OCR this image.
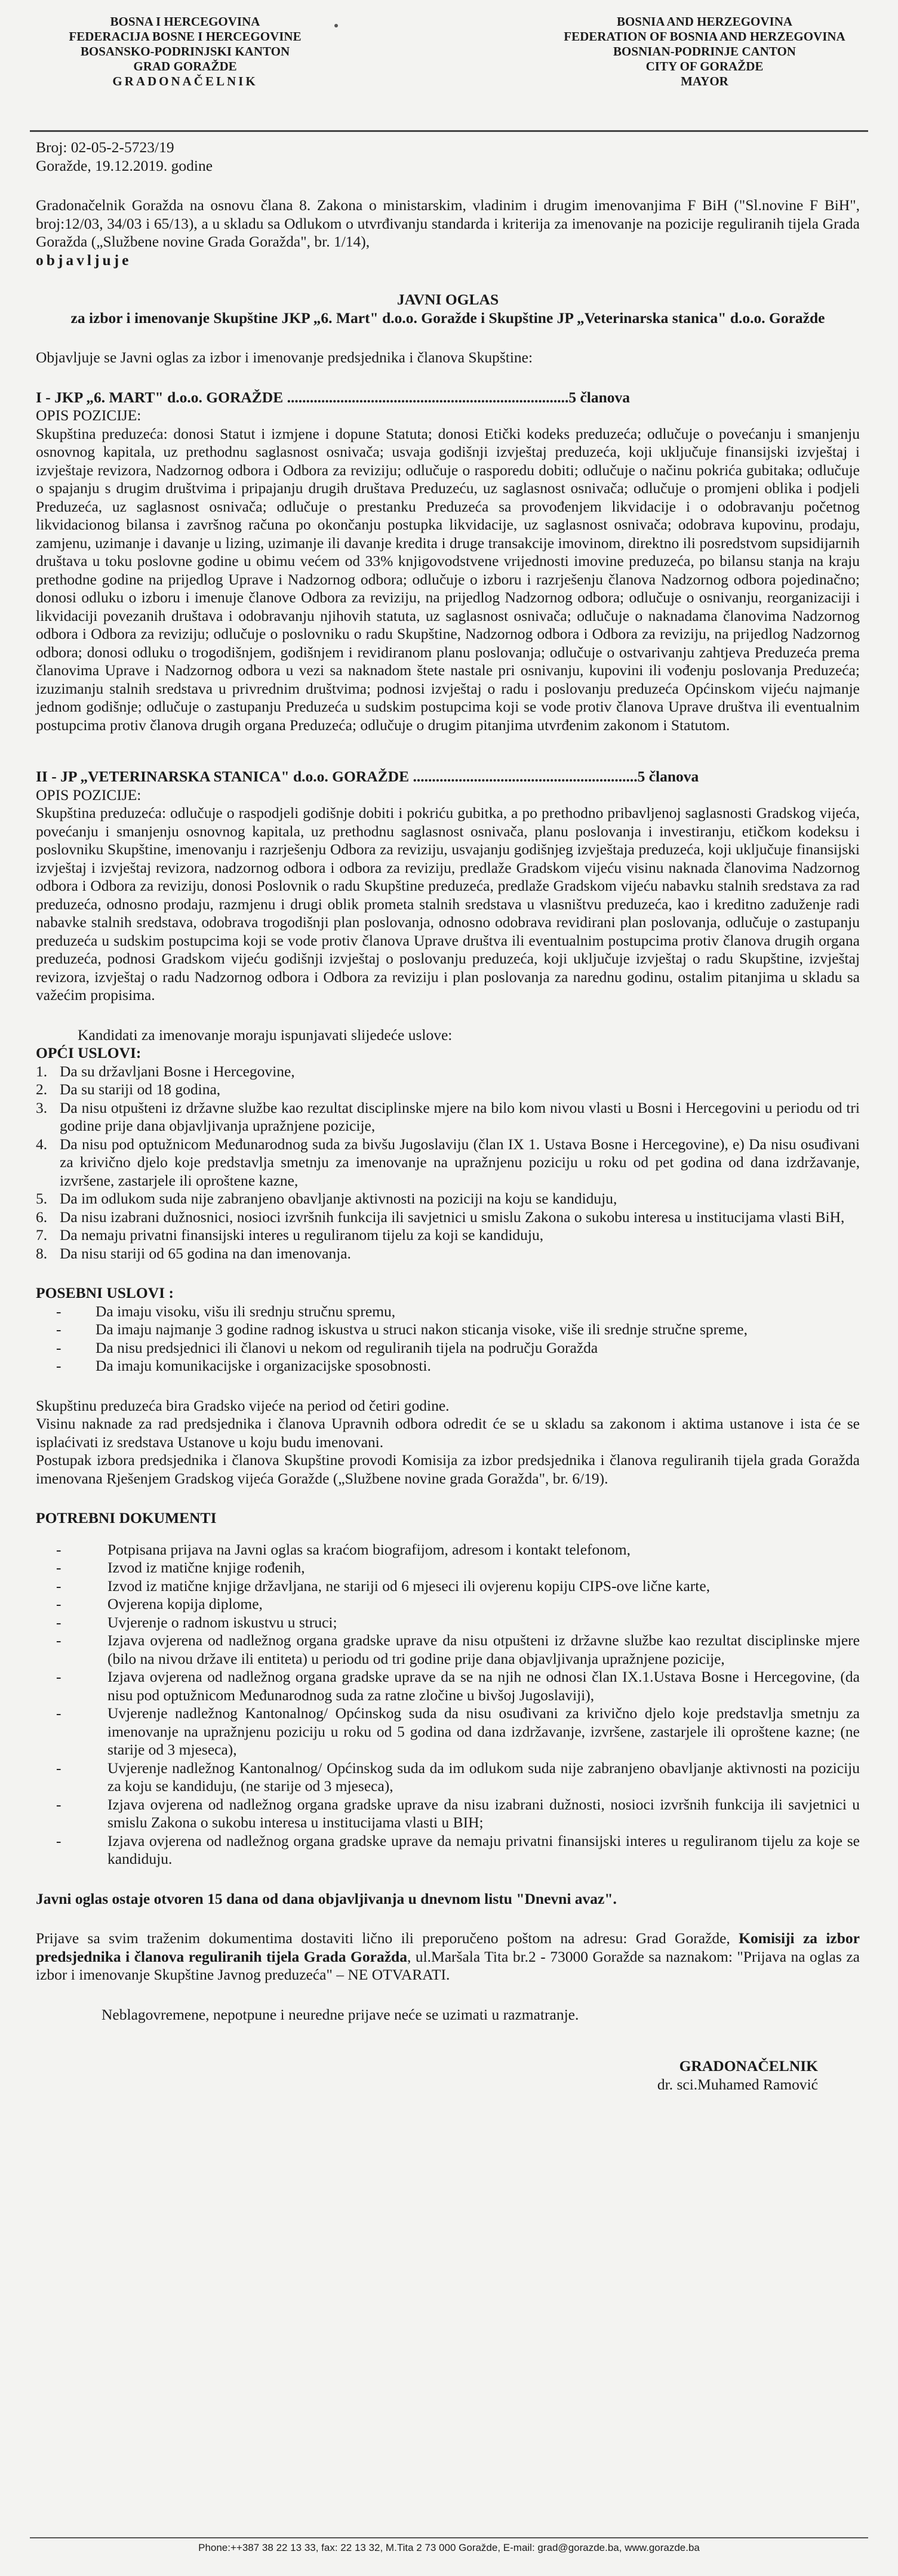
BOSNA I HERCEGOVINA
FEDERACIJA BOSNE I HERCEGOVINE
BOSANSKO-PODRINJSKI KANTON
GRAD GORAŽDE
GRADONAČELNIK
BOSNIA AND HERZEGOVINA
FEDERATION OF BOSNIA AND HERZEGOVINA
BOSNIAN-PODRINJE CANTON
CITY OF GORAŽDE
MAYOR

Broj: 02-05-2-5723/19

Goražde, 19.12.2019. godine

Gradonačelnik Goražda na osnovu člana 8. Zakona o ministarskim, vladinim i drugim imenovanjima F BiH ("Sl.novine F BiH", broj:12/03, 34/03 i 65/13), a u skladu sa Odlukom o utvrđivanju standarda i kriterija za imenovanje na pozicije reguliranih tijela Grada Goražda („Službene novine Grada Goražda", br. 1/14),
objavljuje

JAVNI OGLAS

za izbor i imenovanje Skupštine JKP „6. Mart" d.o.o. Goražde i Skupštine JP „Veterinarska stanica" d.o.o. Goražde

Objavljuje se Javni oglas za izbor i imenovanje predsjednika i članova Skupštine:

I - JKP „6. MART" d.o.o. GORAŽDE .......................................................................... 5 članova

OPIS POZICIJE:

Skupština preduzeća: donosi Statut i izmjene i dopune Statuta; donosi Etički kodeks preduzeća; odlučuje o povećanju i smanjenju osnovnog kapitala, uz prethodnu saglasnost osnivača; usvaja godišnji izvještaj preduzeća, koji uključuje finansijski izvještaj i izvještaje revizora, Nadzornog odbora i Odbora za reviziju; odlučuje o rasporedu dobiti; odlučuje o načinu pokrića gubitaka; odlučuje o spajanju s drugim društvima i pripajanju drugih društava Preduzeću, uz saglasnost osnivača; odlučuje o promjeni oblika i podjeli Preduzeća, uz saglasnost osnivača; odlučuje o prestanku Preduzeća sa provođenjem likvidacije i o odobravanju početnog likvidacionog bilansa i završnog računa po okončanju postupka likvidacije, uz saglasnost osnivača; odobrava kupovinu, prodaju, zamjenu, uzimanje i davanje u lizing, uzimanje ili davanje kredita i druge transakcije imovinom, direktno ili posredstvom supsidijarnih društava u toku poslovne godine u obimu većem od 33% knjigovodstvene vrijednosti imovine preduzeća, po bilansu stanja na kraju prethodne godine na prijedlog Uprave i Nadzornog odbora; odlučuje o izboru i razrješenju članova Nadzornog odbora pojedinačno; donosi odluku o izboru i imenuje članove Odbora za reviziju, na prijedlog Nadzornog odbora; odlučuje o osnivanju, reorganizaciji i likvidaciji povezanih društava i odobravanju njihovih statuta, uz saglasnost osnivača; odlučuje o naknadama članovima Nadzornog odbora i Odbora za reviziju; odlučuje o poslovniku o radu Skupštine, Nadzornog odbora i Odbora za reviziju, na prijedlog Nadzornog odbora; donosi odluku o trogodišnjem, godišnjem i revidiranom planu poslovanja; odlučuje o ostvarivanju zahtjeva Preduzeća prema članovima Uprave i Nadzornog odbora u vezi sa naknadom štete nastale pri osnivanju, kupovini ili vođenju poslovanja Preduzeća; izuzimanju stalnih sredstava u privrednim društvima; podnosi izvještaj o radu i poslovanju preduzeća Općinskom vijeću najmanje jednom godišnje; odlučuje o zastupanju Preduzeća u sudskim postupcima koji se vode protiv članova Uprave društva ili eventualnim postupcima protiv članova drugih organa Preduzeća; odlučuje o drugim pitanjima utvrđenim zakonom i Statutom.

II - JP „VETERINARSKA STANICA" d.o.o. GORAŽDE ........................................................... 5 članova

OPIS POZICIJE:

Skupština preduzeća: odlučuje o raspodjeli godišnje dobiti i pokriću gubitka, a po prethodno pribavljenoj saglasnosti Gradskog vijeća, povećanju i smanjenju osnovnog kapitala, uz prethodnu saglasnost osnivača, planu poslovanja i investiranju, etičkom kodeksu i poslovniku Skupštine, imenovanju i razrješenju Odbora za reviziju, usvajanju godišnjeg izvještaja preduzeća, koji uključuje finansijski izvještaj i izvještaj revizora, nadzornog odbora i odbora za reviziju, predlaže Gradskom vijeću visinu naknada članovima Nadzornog odbora i Odbora za reviziju, donosi Poslovnik o radu Skupštine preduzeća, predlaže Gradskom vijeću nabavku stalnih sredstava za rad preduzeća, odnosno prodaju, razmjenu i drugi oblik prometa stalnih sredstava u vlasništvu preduzeća, kao i kreditno zaduženje radi nabavke stalnih sredstava, odobrava trogodišnji plan poslovanja, odnosno odobrava revidirani plan poslovanja, odlučuje o zastupanju preduzeća u sudskim postupcima koji se vode protiv članova Uprave društva ili eventualnim postupcima protiv članova drugih organa preduzeća, podnosi Gradskom vijeću godišnji izvještaj o poslovanju preduzeća, koji uključuje izvještaj o radu Skupštine, izvještaj revizora, izvještaj o radu Nadzornog odbora i Odbora za reviziju i plan poslovanja za narednu godinu, ostalim pitanjima u skladu sa važećim propisima.

Kandidati za imenovanje moraju ispunjavati slijedeće uslove:

OPĆI USLOVI:

1. Da su državljani Bosne i Hercegovine,
2. Da su stariji od 18 godina,
3. Da nisu otpušteni iz državne službe kao rezultat disciplinske mjere na bilo kom nivou vlasti u Bosni i Hercegovini u periodu od tri godine prije dana objavljivanja upražnjene pozicije,
4. Da nisu pod optužnicom Međunarodnog suda za bivšu Jugoslaviju (član IX 1. Ustava Bosne i Hercegovine), e) Da nisu osuđivani za krivično djelo koje predstavlja smetnju za imenovanje na upražnjenu poziciju u roku od pet godina od dana izdržavanje, izvršene, zastarjele ili oproštene kazne,
5. Da im odlukom suda nije zabranjeno obavljanje aktivnosti na poziciji na koju se kandiduju,
6. Da nisu izabrani dužnosnici, nosioci izvršnih funkcija ili savjetnici u smislu Zakona o sukobu interesa u institucijama vlasti BiH,
7. Da nemaju privatni finansijski interes u reguliranom tijelu za koji se kandiduju,
8. Da nisu stariji od 65 godina na dan imenovanja.

POSEBNI USLOVI :

-	Da imaju visoku, višu ili srednju stručnu spremu,
-	Da imaju najmanje 3 godine radnog iskustva u struci nakon sticanja visoke, više ili srednje stručne spreme,
-	Da nisu predsjednici ili članovi u nekom od reguliranih tijela na području Goražda
-	Da imaju komunikacijske i organizacijske sposobnosti.

Skupštinu preduzeća bira Gradsko vijeće na period od četiri godine.

Visinu naknade za rad predsjednika i članova Upravnih odbora odredit će se u skladu sa zakonom i aktima ustanove i ista će se isplaćivati iz sredstava Ustanove u koju budu imenovani.

Postupak izbora predsjednika i članova Skupštine provodi Komisija za izbor predsjednika i članova reguliranih tijela grada Goražda imenovana Rješenjem Gradskog vijeća Goražde („Službene novine grada Goražda", br. 6/19).

POTREBNI DOKUMENTI

-	Potpisana prijava na Javni oglas sa kraćom biografijom, adresom i kontakt telefonom,
-	Izvod iz matične knjige rođenih,
-	Izvod iz matične knjige državljana, ne stariji od 6 mjeseci ili ovjerenu kopiju CIPS-ove lične karte,
-	Ovjerena kopija diplome,
-	Uvjerenje o radnom iskustvu u struci;
-	Izjava ovjerena od nadležnog organa gradske uprave da nisu otpušteni iz državne službe kao rezultat disciplinske mjere (bilo na nivou države ili entiteta) u periodu od tri godine prije dana objavljivanja upražnjene pozicije,
-	Izjava ovjerena od nadležnog organa gradske uprave da se na njih ne odnosi član IX.1.Ustava Bosne i Hercegovine, (da nisu pod optužnicom Međunarodnog suda za ratne zločine u bivšoj Jugoslaviji),
-	Uvjerenje nadležnog Kantonalnog/ Općinskog suda da nisu osuđivani za krivično djelo koje predstavlja smetnju za imenovanje na upražnjenu poziciju u roku od 5 godina od dana izdržavanje, izvršene, zastarjele ili oproštene kazne; (ne starije od 3 mjeseca),
-	Uvjerenje nadležnog Kantonalnog/ Općinskog suda da im odlukom suda nije zabranjeno obavljanje aktivnosti na poziciju za koju se kandiduju, (ne starije od 3 mjeseca),
-	Izjava ovjerena od nadležnog organa gradske uprave da nisu izabrani dužnosti, nosioci izvršnih funkcija ili savjetnici u smislu Zakona o sukobu interesa u institucijama vlasti u BIH;
-	Izjava ovjerena od nadležnog organa gradske uprave da nemaju privatni finansijski interes u reguliranom tijelu za koje se kandiduju.

Javni oglas ostaje otvoren 15 dana od dana objavljivanja u dnevnom listu "Dnevni avaz".

Prijave sa svim traženim dokumentima dostaviti lično ili preporučeno poštom na adresu: Grad Goražde, Komisiji za izbor predsjednika i članova reguliranih tijela Grada Goražda, ul.Maršala Tita br.2 - 73000 Goražde sa naznakom: "Prijava na oglas za izbor i imenovanje Skupštine Javnog preduzeća" – NE OTVARATI.

Neblagovremene, nepotpune i neuredne prijave neće se uzimati u razmatranje.

GRADONAČELNIK

dr. sci.Muhamed Ramović

Phone:++387 38 22 13 33, fax: 22 13 32, M.Tita 2 73 000 Goražde, E-mail: grad@gorazde.ba, www.gorazde.ba
